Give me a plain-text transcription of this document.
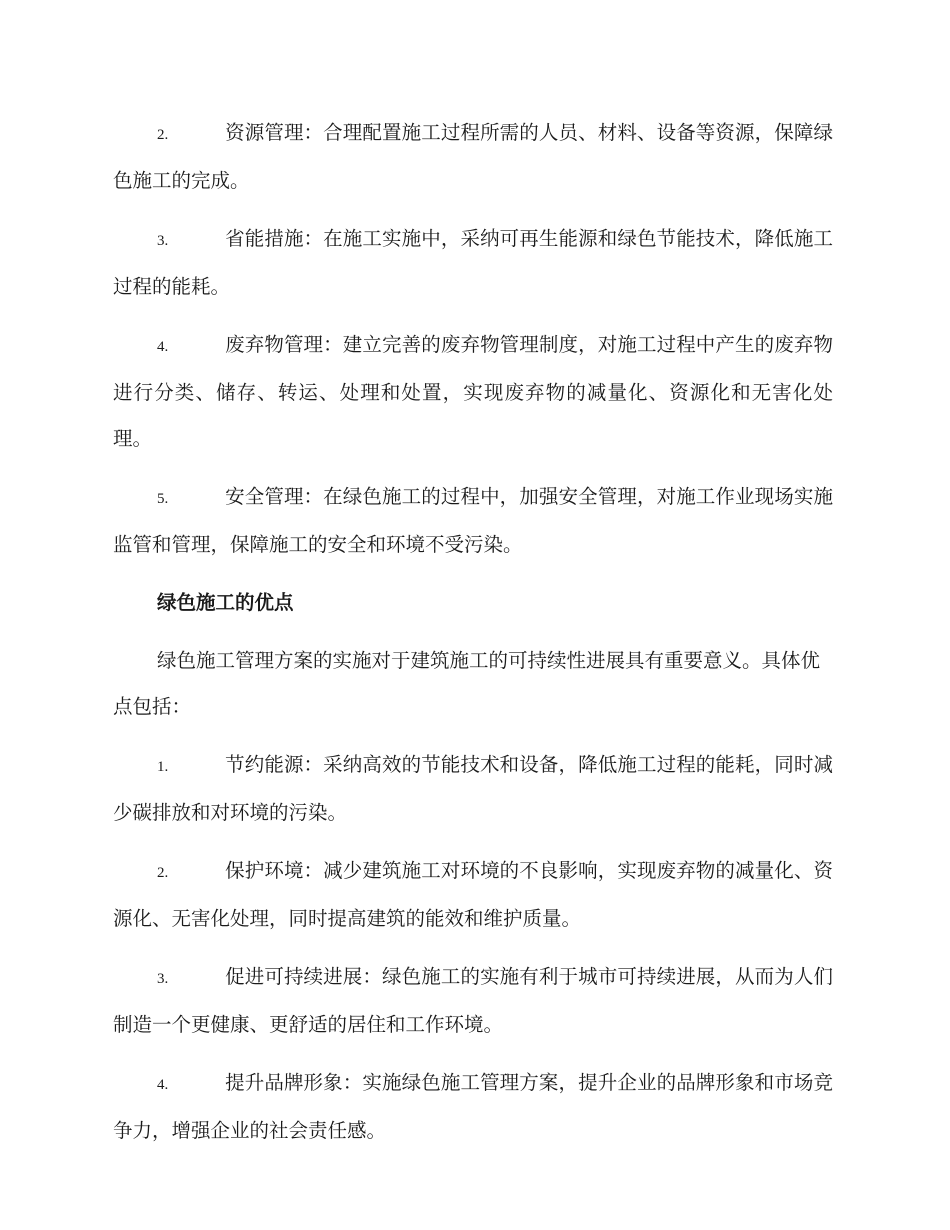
2.	资源管理：合理配置施工过程所需的人员、材料、设备等资源，保障绿色施工的完成。
3.	省能措施：在施工实施中，采纳可再生能源和绿色节能技术，降低施工过程的能耗。
4.	废弃物管理：建立完善的废弃物管理制度，对施工过程中产生的废弃物进行分类、储存、转运、处理和处置，实现废弃物的减量化、资源化和无害化处理。
5.	安全管理：在绿色施工的过程中，加强安全管理，对施工作业现场实施监管和管理，保障施工的安全和环境不受污染。
绿色施工的优点
绿色施工管理方案的实施对于建筑施工的可持续性进展具有重要意义。具体优点包括：
1.	节约能源：采纳高效的节能技术和设备，降低施工过程的能耗，同时减少碳排放和对环境的污染。
2.	保护环境：减少建筑施工对环境的不良影响，实现废弃物的减量化、资源化、无害化处理，同时提高建筑的能效和维护质量。
3.	促进可持续进展：绿色施工的实施有利于城市可持续进展，从而为人们制造一个更健康、更舒适的居住和工作环境。
4.	提升品牌形象：实施绿色施工管理方案，提升企业的品牌形象和市场竞争力，增强企业的社会责任感。
